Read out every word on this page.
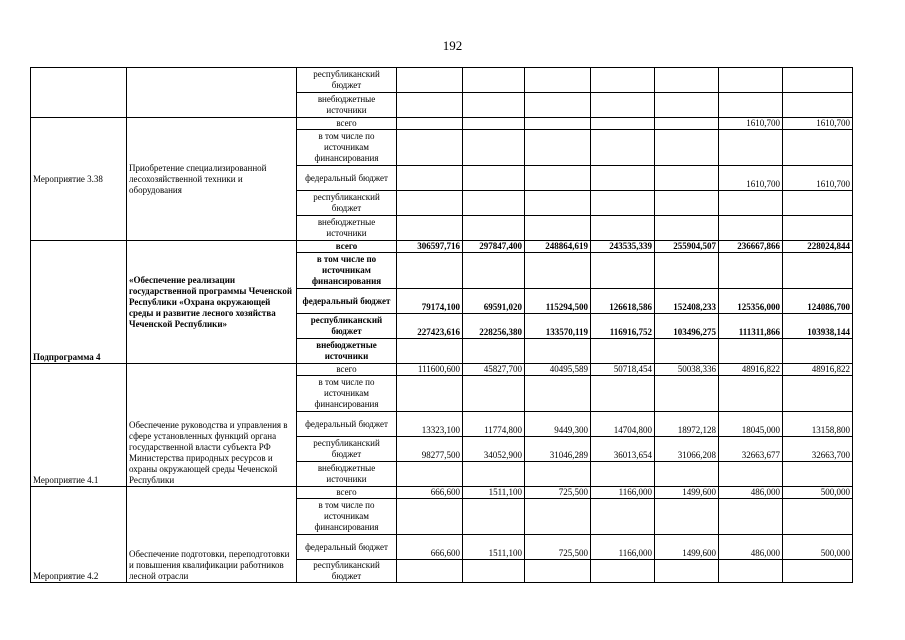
192
		республиканский бюджет							
		внебюджетные источники							
Мероприятие 3.38	Приобретение специализированной лесохозяйственной техники и оборудования	всего						1610,700	1610,700
		в том числе по источникам финансирования							
		федеральный бюджет						1610,700	1610,700
		республиканский бюджет							
		внебюджетные источники							
Подпрограмма 4	«Обеспечение реализации государственной программы Чеченской Республики «Охрана окружающей среды и развитие лесного хозяйства Чеченской Республики»	всего	306597,716	297847,400	248864,619	243535,339	255904,507	236667,866	228024,844
		в том числе по источникам финансирования							
		федеральный бюджет	79174,100	69591,020	115294,500	126618,586	152408,233	125356,000	124086,700
		республиканский бюджет	227423,616	228256,380	133570,119	116916,752	103496,275	111311,866	103938,144
		внебюджетные источники							
Мероприятие 4.1	Обеспечение руководства и управления в сфере установленных функций органа государственной власти субъекта РФ Министерства природных ресурсов и охраны окружающей среды Чеченской Республики	всего	111600,600	45827,700	40495,589	50718,454	50038,336	48916,822	48916,822
		в том числе по источникам финансирования							
		федеральный бюджет	13323,100	11774,800	9449,300	14704,800	18972,128	18045,000	13158,800
		республиканский бюджет	98277,500	34052,900	31046,289	36013,654	31066,208	32663,677	32663,700
		внебюджетные источники							
Мероприятие 4.2	Обеспечение подготовки, переподготовки и повышения квалификации работников лесной отрасли	всего	666,600	1511,100	725,500	1166,000	1499,600	486,000	500,000
		в том числе по источникам финансирования							
		федеральный бюджет	666,600	1511,100	725,500	1166,000	1499,600	486,000	500,000
		республиканский бюджет							
